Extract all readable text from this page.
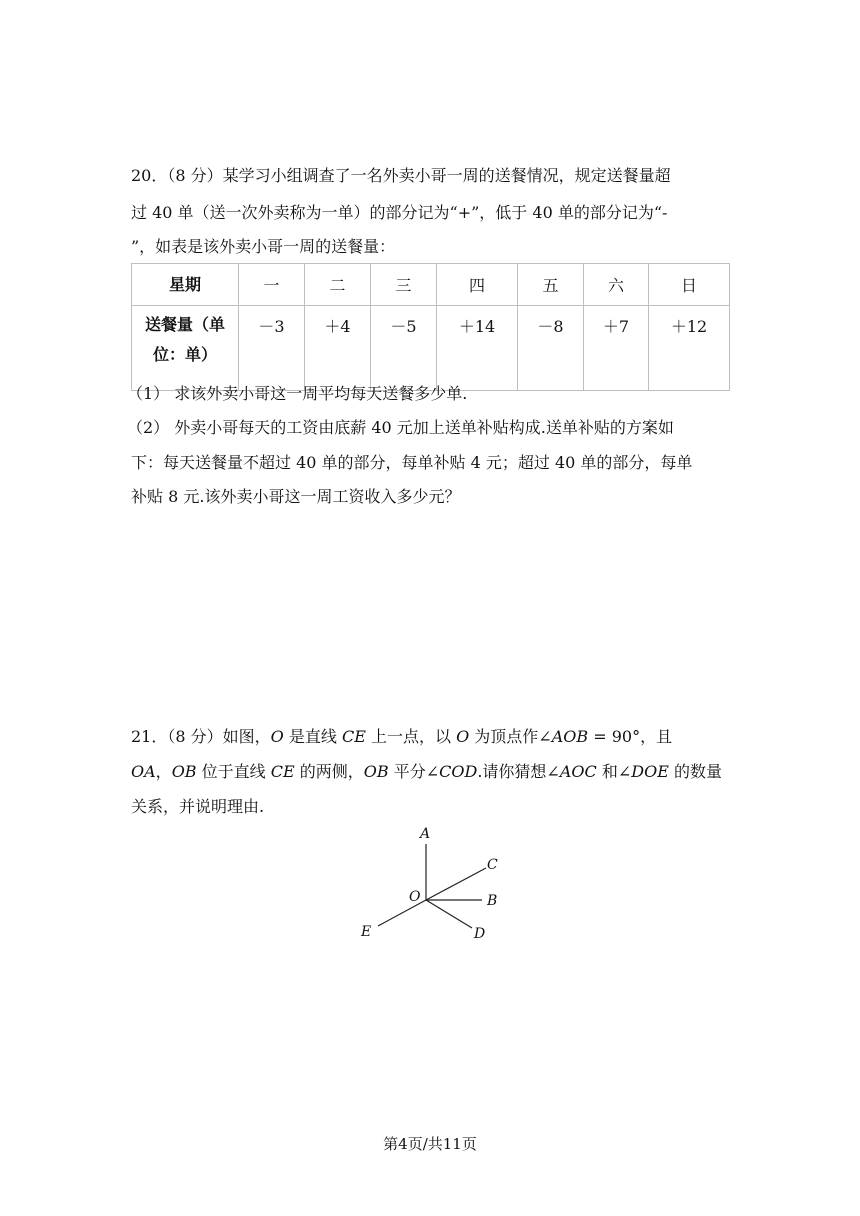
20．（8 分）某学习小组调查了一名外卖小哥一周的送餐情况，规定送餐量超
过 40 单（送一次外卖称为一单）的部分记为“+”，低于 40 单的部分记为“-
”，如表是该外卖小哥一周的送餐量：
星期	一	二	三	四	五	六	日

送餐量（单
位：单）	－3	＋4	－5	＋14	－8	＋7	＋12
（1） 求该外卖小哥这一周平均每天送餐多少单.
（2） 外卖小哥每天的工资由底薪 40 元加上送单补贴构成.送单补贴的方案如
下：每天送餐量不超过 40 单的部分，每单补贴 4 元；超过 40 单的部分，每单
补贴 8 元.该外卖小哥这一周工资收入多少元？
21．（8 分）如图，O 是直线 CE 上一点，以 O 为顶点作∠AOB = 90°，且
OA，OB 位于直线 CE 的两侧，OB 平分∠COD.请你猜想∠AOC 和∠DOE 的数量
关系，并说明理由.
A
C
O	B
E	D
第4页/共11页
